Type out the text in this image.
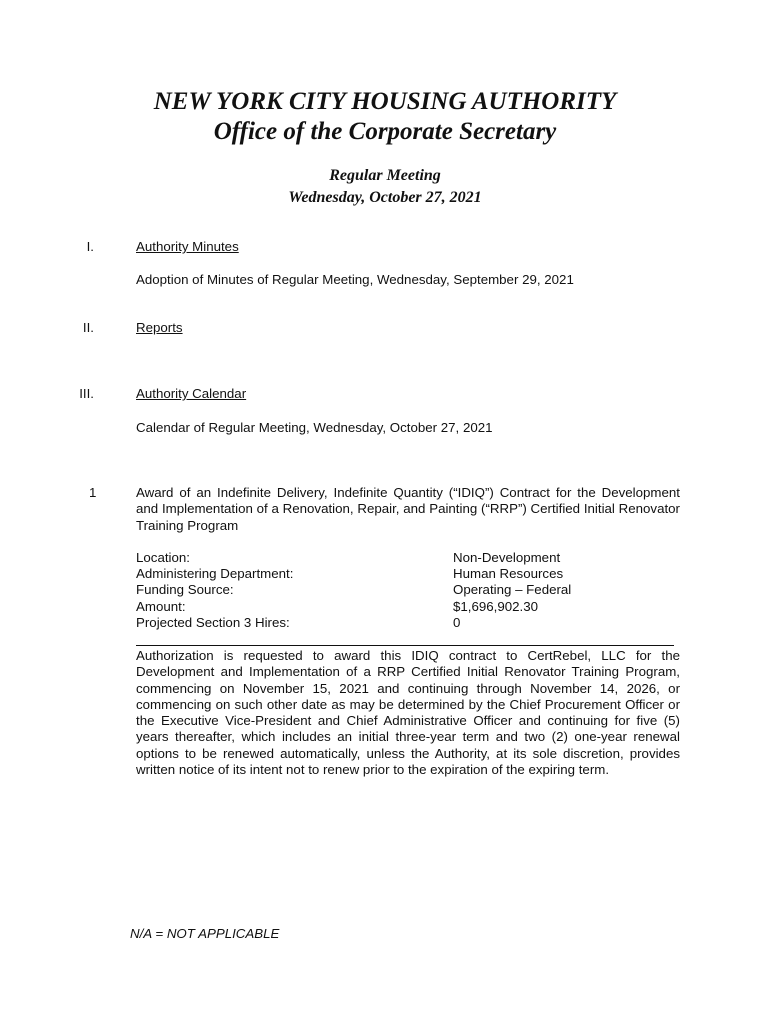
NEW YORK CITY HOUSING AUTHORITY
Office of the Corporate Secretary
Regular Meeting
Wednesday, October 27, 2021
I.	Authority Minutes
Adoption of Minutes of Regular Meeting, Wednesday, September 29, 2021
II.	Reports
III.	Authority Calendar
Calendar of Regular Meeting, Wednesday, October 27, 2021
1	Award of an Indefinite Delivery, Indefinite Quantity (“IDIQ”) Contract for the Development and Implementation of a Renovation, Repair, and Painting (“RRP”) Certified Initial Renovator Training Program
Location:	Non-Development
Administering Department:	Human Resources
Funding Source:	Operating – Federal
Amount:	$1,696,902.30
Projected Section 3 Hires:	0
Authorization is requested to award this IDIQ contract to CertRebel, LLC for the Development and Implementation of a RRP Certified Initial Renovator Training Program, commencing on November 15, 2021 and continuing through November 14, 2026, or commencing on such other date as may be determined by the Chief Procurement Officer or the Executive Vice-President and Chief Administrative Officer and continuing for five (5) years thereafter, which includes an initial three-year term and two (2) one-year renewal options to be renewed automatically, unless the Authority, at its sole discretion, provides written notice of its intent not to renew prior to the expiration of the expiring term.
N/A = NOT APPLICABLE
